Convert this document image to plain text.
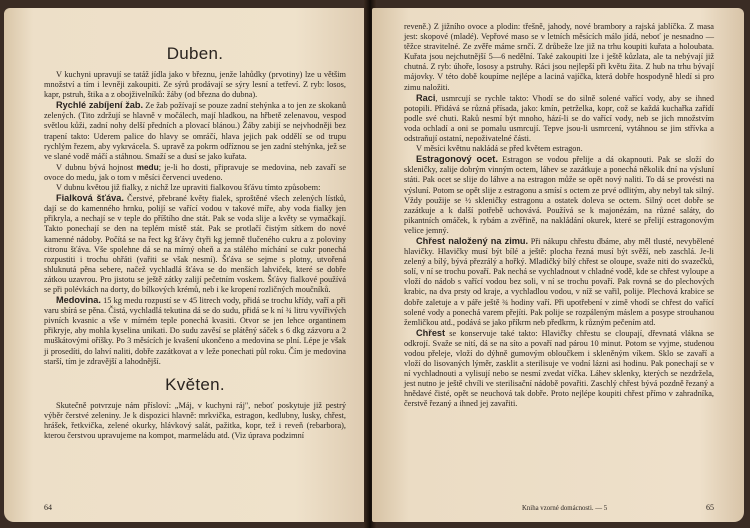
Duben.

V kuchyni upravují se tatáž jídla jako v březnu, jenže lahůdky (prvotiny) lze u většim množství a tím i levněji zakoupiti. Ze sýrů prodávají se sýry lesní a tetřeví. Z ryb: losos, kapr, pstruh, štika a z obojživelníků: žáby (od března do dubna).

Rychlé zabíjení žab. Ze žab požívají se pouze zadní stehýnka a to jen ze skokanů zelených. (Tito zdržují se hlavně v močálech, mají hladkou, na hřbetě zelenavou, vespod světlou kůži, zadní nohy delší předních a plovací blánou.) Žáby zabijí se nejvhodněji bez trapení takto: Uderem palice do hlavy se omráčí, hlava jejich pak oddělí se od trupu rychlým řezem, aby vykrvácela. S. upravě za pokrm odříznou se jen zadní stehýnka, jež se ve slané vodě máčí a stáhnou. Smaží se a dusí se jako kuřata.

V dubnu bývá hojnost medu; je-li ho dosti, připravuje se medovina, neb zavaří se ovoce do medu, jak o tom v měsíci červenci uvedeno.

V dubnu květou již fialky, z nichž lze upraviti fialkovou šťávu tímto způsobem:

Fialková šťáva. Čerstvé, přebrané květy fialek, sproštěné všech zelených lístků, dají se do kamenného hrnku, polijí se vařící vodou v takové míře, aby voda fialky jen přikryla, a nechají se v teple do příštího dne stát. Pak se voda slije a květy se vymačkají. Takto ponechají se den na teplém místě stát. Pak se protlačí čistým sítkem do nové kamenné nádoby. Počítá se na řect kg šťávy čtyři kg jemně tlučeného cukru a z poloviny citronu šťáva. Vše spolehne dá se na mírný oheň a za stálého míchání se cukr ponechá rozpustiti i trochu ohřáti (vařiti se však nesmí). Šťáva se sejme s plotny, utvořená shluknutá pěna sebere, načež vychladlá šťáva se do menších lahviček, které se dobře zátkou uzavrou. Pro jistotu se ještě zátky zalijí pečetním voskem. Šťávy fialkové používá se při polévkách na dorty, do bílkových krémů, neb i ke kropení rozličných moučníků.

Medovina. 15 kg medu rozpustí se v 45 litrech vody, přidá se trochu křídy, vaří a při varu sbírá se pěna. Čistá, vychladlá tekutina dá se do sudu, přidá se k ní ¾ litru vyvířivých pivních kvasnic a vše v mírném teple ponechá kvasiti. Otvor se jen lehce organtinem přikryje, aby mohla kyselina unikati. Do sudu zavěsí se plátěný sáček s 6 dkg zázvoru a 2 muškátovými oříšky. Po 3 měsících je kvašení ukončeno a medovina se plní. Lépe je však ji prosedíti, do lahví naliti, dobře zazátkovat a v leže ponechati půl roku. Čím je medovina starší, tím je zdravější a lahodnější.

Květen.

Skutečně potvrzuje nám přísloví: „Máj, v kuchyni ráj", neboť poskytuje již pestrý výběr čerstvé zeleniny. Je k dispozici hlavně: mrkvička, estragon, kedlubny, lusky, chřest, hrášek, řetkvička, zelené okurky, hlávkový salát, pažitka, kopr, tež i reveň (rebarbora), kterou čerstvou upravujeme na kompot, marmeládu atd. (Viz úprava podzimní

64

reveně.) Z jižního ovoce a plodin: třešně, jahody, nové brambory a rajská jablíčka. Z masa jest: skopové (mladé). Vepřové maso se v letních měsících málo jídá, neboť je nesnadno — těžce stravitelné. Ze zvěře máme srnčí. Z drůbeže lze již na trhu koupiti kuřata a holoubata. Kuřata jsou nejchutnější 5—6 nedělní. Také zakoupiti lze i ještě kůzlata, ale ta nebývají již chutná. Z ryb: úhoře, lososy a pstruhy. Ráci jsou nejlepší při květu žita. Z hub na trhu bývají májovky. V této době koupíme nejlépe a laciná vajíčka, která dobře hospodyně hledí si pro zimu naložiti.

Raci, usmrcují se rychle takto: Vhodí se do silně solené vařící vody, aby se ihned potopili. Přidává se různá přísada, jako: kmín, petrželka, kopr, což se každá kuchařka zařídí podle své chuti. Raků nesmí být mnoho, hází-li se do vařící vody, neb se jich množstvím voda ochladí a oni se pomalu usmrcují. Tepve jsou-li usmrcení, vytáhnou se jim střívka a odstraňují ostatní, nepoživatelné části.

V měsíci květnu nakládá se před květem estragon.

Estragonový ocet. Estragon se vodou přelije a dá okapnouti. Pak se složí do skleničky, zalije dobrým vinným octem, láhev se zazátkuje a ponechá několik dní na výsluní státi. Pak ocet se slije do láhve a na estragon může se opět nový naliti. To dá se provésti na výsluní. Potom se opět slije z estragonu a smísí s octem ze prvé odlitým, aby nebyl tak silný. Vždy použije se ½ skleničky estragonu a ostatek doleva se octem. Silný ocet dobře se zazátkuje a k další potřebě uchovává. Používá se k majonézám, na různé saláty, do pikantních omáček, k rybám a zvěřině, na nakládání okurek, které se přelijí estragonovým velice jemný.

Chřest naložený na zimu. Při nákupu chřestu dbáme, aby měl tlusté, nevybělené hlavičky. Hlavičky musí být bílé a ještě: plocha řezná musí být svěží, neb zaschlá. Je-li zelený a bílý, bývá přezrálý a hořký. Mladičký bílý chřest se oloupe, svaže niti do svazečků, solí, v ní se trochu povaří. Pak nechá se vychladnout v chladné vodě, kde se chřest vyloupe a vloží do nádob s vařící vodou bez soli, v ní se trochu povaří. Pak rovná se do plechových krabic, na dva prsty od kraje, a vychladlou vodou, v níž se vařil, polije. Plechová krabice se dobře zaletuje a v páře ještě ¾ hodiny vaří. Při upotřebení v zimě vhodí se chřest do vařící solené vody a ponechá varem přejíti. Pak polije se rozpáleným máslem a posype strouhanou žemličkou atd., podává se jako příkrm neb předkrm, k různým pečením atd.

Chřest se konservuje také takto: Hlavičky chřestu se cloupají, dřevnatá vlákna se odkrojí. Svaže se nití, dá se na síto a povaří nad párou 10 minut. Potom se vyjme, studenou vodou přeleje, vloží do dýhně gumovým obloučkem i skleněným víkem. Sklo se zavaří a vloží do lisovaných lýměr, zasklit a sterilisuje ve vodní lázni asi hodinu. Pak ponechají se v ní vychladnouti a vylisují nebo se nesmí zvedat víčka. Láhev sklenky, kterých se nezdržela, jest nutno je ještě chvíli ve sterilisační nádobě povařiti. Zaschlý chřest bývá pozdně řezaný a hnědavé čisté, opět se neuchová tak dobře. Proto nejlépe koupiti chřest přímo v zahradníka, čerstvě řezaný a ihned jej zavařiti.

Kniha vzorné domácnosti. — 5	65
